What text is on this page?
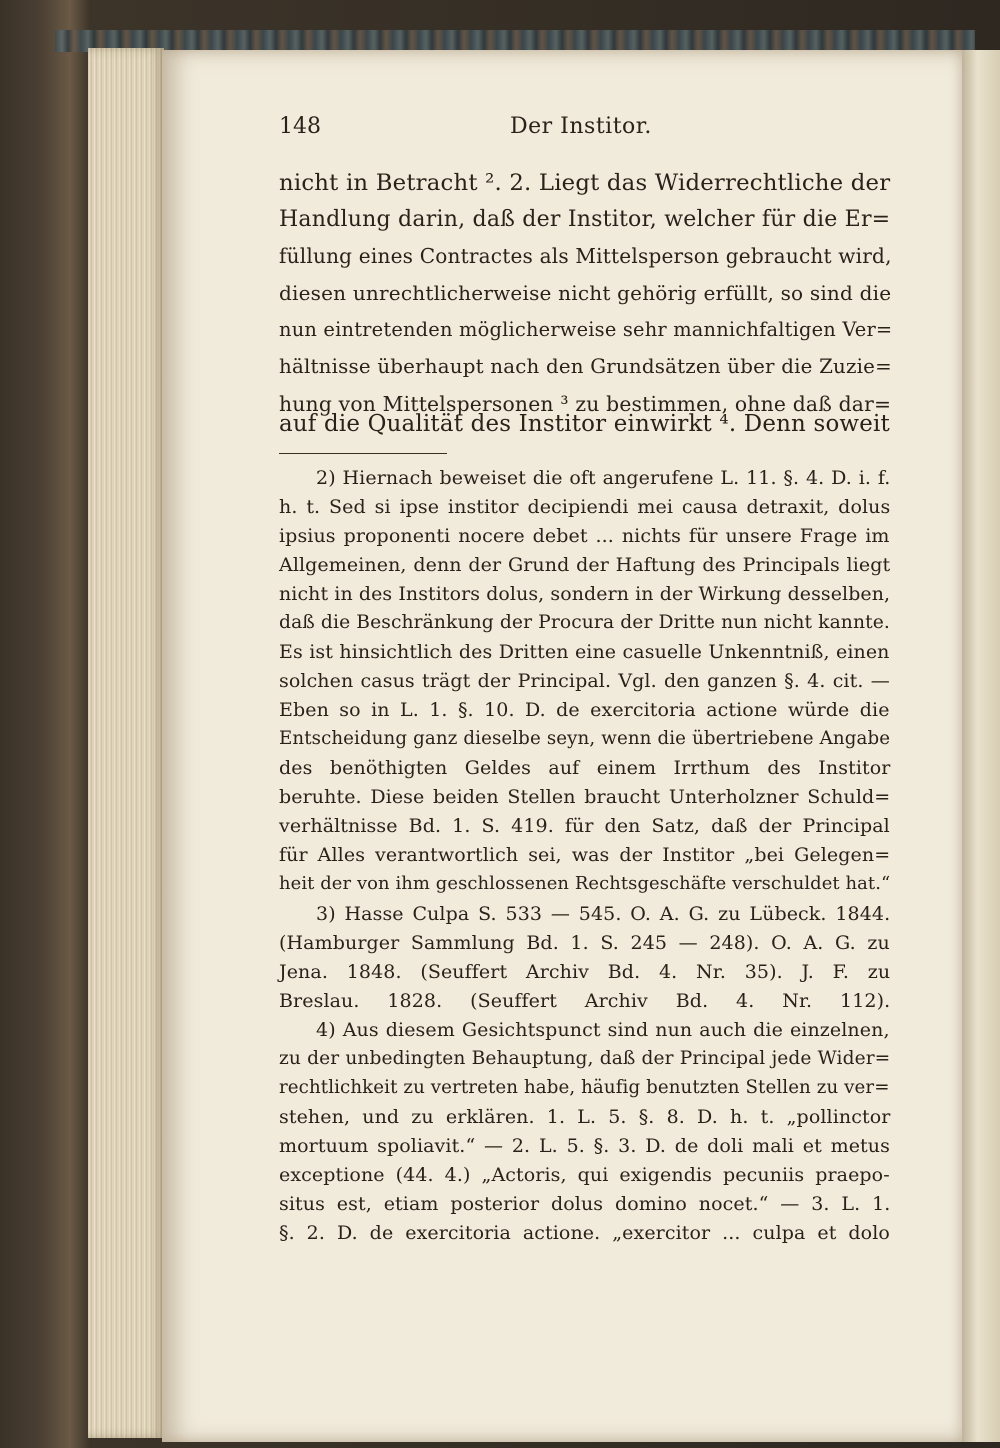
148	Der Institor.
nicht in Betracht ². 2. Liegt das Widerrechtliche der
Handlung darin, daß der Institor, welcher für die Er=
füllung eines Contractes als Mittelsperson gebraucht wird,
diesen unrechtlicherweise nicht gehörig erfüllt, so sind die
nun eintretenden möglicherweise sehr mannichfaltigen Ver=
hältnisse überhaupt nach den Grundsätzen über die Zuzie=
hung von Mittelspersonen ³ zu bestimmen, ohne daß dar=
auf die Qualität des Institor einwirkt ⁴. Denn soweit
2) Hiernach beweiset die oft angerufene L. 11. §. 4. D. i. f.
h. t. Sed si ipse institor decipiendi mei causa detraxit, dolus
ipsius proponenti nocere debet ... nichts für unsere Frage im
Allgemeinen, denn der Grund der Haftung des Principals liegt
nicht in des Institors dolus, sondern in der Wirkung desselben,
daß die Beschränkung der Procura der Dritte nun nicht kannte.
Es ist hinsichtlich des Dritten eine casuelle Unkenntniß, einen
solchen casus trägt der Principal. Vgl. den ganzen §. 4. cit. —
Eben so in L. 1. §. 10. D. de exercitoria actione würde die
Entscheidung ganz dieselbe seyn, wenn die übertriebene Angabe
des benöthigten Geldes auf einem Irrthum des Institor
beruhte. Diese beiden Stellen braucht Unterholzner Schuld=
verhältnisse Bd. 1. S. 419. für den Satz, daß der Principal
für Alles verantwortlich sei, was der Institor „bei Gelegen=
heit der von ihm geschlossenen Rechtsgeschäfte verschuldet hat.“
3) Hasse Culpa S. 533 — 545. O. A. G. zu Lübeck. 1844.
(Hamburger Sammlung Bd. 1. S. 245 — 248). O. A. G. zu
Jena. 1848. (Seuffert Archiv Bd. 4. Nr. 35). J. F. zu
Breslau. 1828. (Seuffert Archiv Bd. 4. Nr. 112).
4) Aus diesem Gesichtspunct sind nun auch die einzelnen,
zu der unbedingten Behauptung, daß der Principal jede Wider=
rechtlichkeit zu vertreten habe, häufig benutzten Stellen zu ver=
stehen, und zu erklären. 1. L. 5. §. 8. D. h. t. „pollinctor
mortuum spoliavit.“ — 2. L. 5. §. 3. D. de doli mali et metus
exceptione (44. 4.) „Actoris, qui exigendis pecuniis praepo-
situs est, etiam posterior dolus domino nocet.“ — 3. L. 1.
§. 2. D. de exercitoria actione. „exercitor ... culpa et dolo
